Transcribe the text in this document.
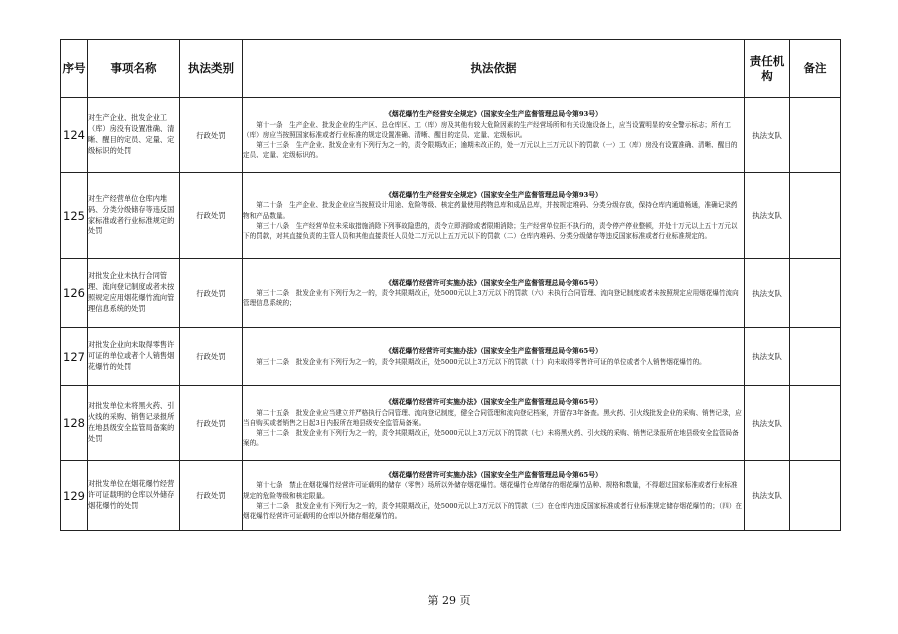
序号	事项名称	执法类别	执法依据	责任机构	备注
124	对生产企业、批发企业工（库）房没有设置准确、清晰、醒目的定员、定量、定级标识的处罚	行政处罚	《烟花爆竹生产经营安全规定》（国家安全生产监督管理总局令第93号）
第十一条　生产企业、批发企业的生产区、总仓库区、工（库）房及其他有较大危险因素的生产经营场所和有关设施设备上，应当设置明显的安全警示标志；所有工（库）房应当按照国家标准或者行业标准的规定设置准确、清晰、醒目的定员、定量、定级标识。
第三十三条　生产企业、批发企业有下列行为之一的，责令限期改正；逾期未改正的，处一万元以上三万元以下的罚款（一）工（库）房没有设置准确、清晰、醒目的定员、定量、定级标识的。	执法支队	
125	对生产经营单位仓库内堆码、分类分级储存等违反国家标准或者行业标准规定的处罚	行政处罚	《烟花爆竹生产经营安全规定》（国家安全生产监督管理总局令第93号）
第二十条　生产企业、批发企业应当按照设计用途、危险等级、核定药量使用药物总库和成品总库，并按规定堆码、分类分级存放，保持仓库内通道畅通，准确记录药物和产品数量。
第三十八条　生产经营单位未采取措施消除下列事故隐患的，责令立即消除或者限期消除；生产经营单位拒不执行的，责令停产停业整顿，并处十万元以上五十万元以下的罚款，对其直接负责的主管人员和其他直接责任人员处二万元以上五万元以下的罚款（二）仓库内堆码、分类分级储存等违反国家标准或者行业标准规定的。	执法支队	
126	对批发企业未执行合同管理、流向登记制度或者未按照规定应用烟花爆竹流向管理信息系统的处罚	行政处罚	《烟花爆竹经营许可实施办法》（国家安全生产监督管理总局令第65号）
第三十二条　批发企业有下列行为之一的，责令其限期改正，处5000元以上3万元以下的罚款（六）未执行合同管理、流向登记制度或者未按照规定应用烟花爆竹流向管理信息系统的；	执法支队	
127	对批发企业向未取得零售许可证的单位或者个人销售烟花爆竹的处罚	行政处罚	《烟花爆竹经营许可实施办法》（国家安全生产监督管理总局令第65号）
第三十二条　批发企业有下列行为之一的，责令其限期改正，处5000元以上3万元以下的罚款（十）向未取得零售许可证的单位或者个人销售烟花爆竹的。	执法支队	
128	对批发单位未将黑火药、引火线的采购、销售记录报所在地县级安全监管局备案的处罚	行政处罚	《烟花爆竹经营许可实施办法》（国家安全生产监督管理总局令第65号）
第二十五条　批发企业应当建立并严格执行合同管理、流向登记制度，健全合同管理和流向登记档案，并留存3年备查。黑火药、引火线批发企业的采购、销售记录，应当自购买或者销售之日起3日内报所在地县级安全监管局备案。
第三十二条　批发企业有下列行为之一的，责令其限期改正，处5000元以上3万元以下的罚款（七）未将黑火药、引火线的采购、销售记录报所在地县级安全监管局备案的。	执法支队	
129	对批发单位在烟花爆竹经营许可证载明的仓库以外储存烟花爆竹的处罚	行政处罚	《烟花爆竹经营许可实施办法》（国家安全生产监督管理总局令第65号）
第十七条　禁止在烟花爆竹经营许可证载明的储存（零售）场所以外储存烟花爆竹。烟花爆竹仓库储存的烟花爆竹品种、规格和数量，不得超过国家标准或者行业标准规定的危险等级和核定限量。
第三十二条　批发企业有下列行为之一的，责令其限期改正，处5000元以上3万元以下的罚款（三）在仓库内违反国家标准或者行业标准规定储存烟花爆竹的；（四）在烟花爆竹经营许可证载明的仓库以外储存烟花爆竹的。	执法支队	
第 29 页
